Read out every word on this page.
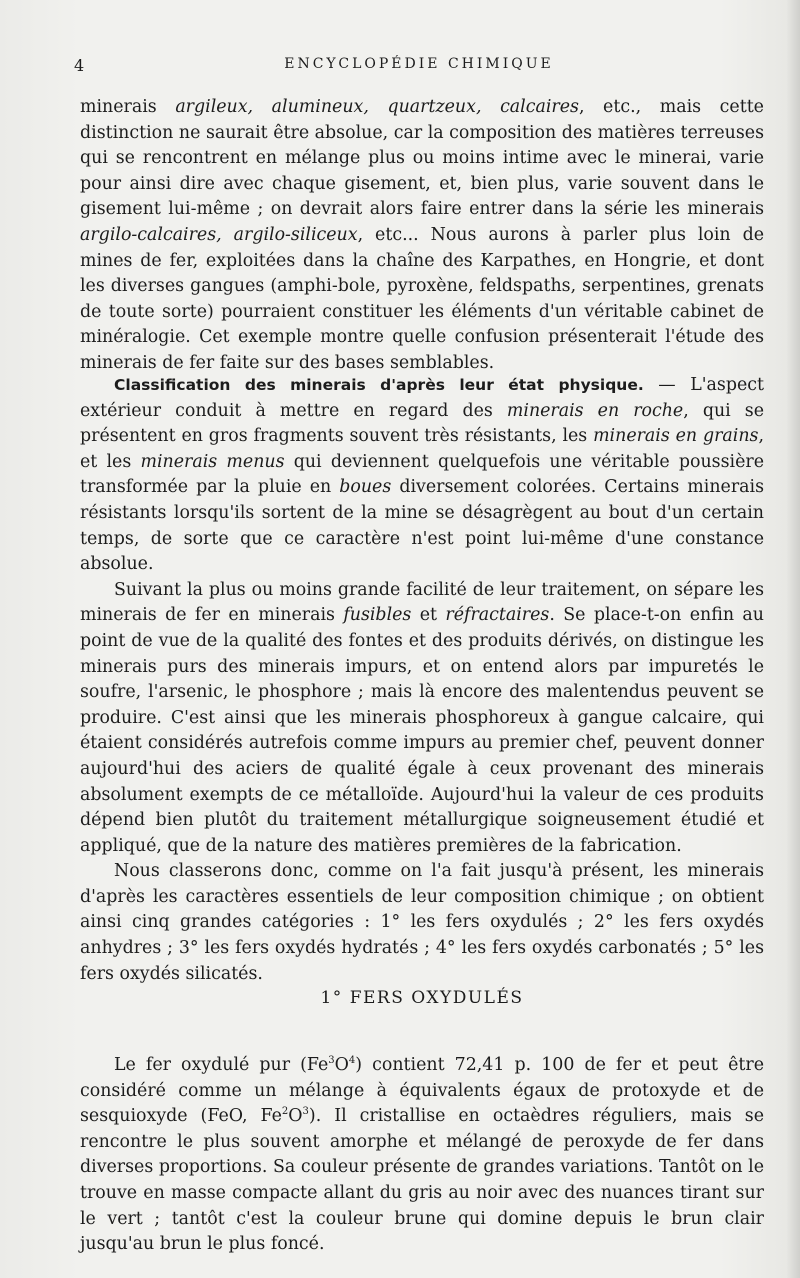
4	ENCYCLOPÉDIE CHIMIQUE

minerais argileux, alumineux, quartzeux, calcaires, etc., mais cette distinction ne saurait être absolue, car la composition des matières terreuses qui se rencontrent en mélange plus ou moins intime avec le minerai, varie pour ainsi dire avec chaque gisement, et, bien plus, varie souvent dans le gisement lui-même ; on devrait alors faire entrer dans la série les minerais argilo-calcaires, argilo-siliceux, etc... Nous aurons à parler plus loin de mines de fer, exploitées dans la chaîne des Karpathes, en Hongrie, et dont les diverses gangues (amphi-bole, pyroxène, feldspaths, serpentines, grenats de toute sorte) pourraient constituer les éléments d'un véritable cabinet de minéralogie. Cet exemple montre quelle confusion présenterait l'étude des minerais de fer faite sur des bases semblables.

Classification des minerais d'après leur état physique. — L'aspect extérieur conduit à mettre en regard des minerais en roche, qui se présentent en gros fragments souvent très résistants, les minerais en grains, et les minerais menus qui deviennent quelquefois une véritable poussière transformée par la pluie en boues diversement colorées. Certains minerais résistants lorsqu'ils sortent de la mine se désagrègent au bout d'un certain temps, de sorte que ce caractère n'est point lui-même d'une constance absolue.

Suivant la plus ou moins grande facilité de leur traitement, on sépare les minerais de fer en minerais fusibles et réfractaires. Se place-t-on enfin au point de vue de la qualité des fontes et des produits dérivés, on distingue les minerais purs des minerais impurs, et on entend alors par impuretés le soufre, l'arsenic, le phosphore ; mais là encore des malentendus peuvent se produire. C'est ainsi que les minerais phosphoreux à gangue calcaire, qui étaient considérés autrefois comme impurs au premier chef, peuvent donner aujourd'hui des aciers de qualité égale à ceux provenant des minerais absolument exempts de ce métalloïde. Aujourd'hui la valeur de ces produits dépend bien plutôt du traitement métallurgique soigneusement étudié et appliqué, que de la nature des matières premières de la fabrication.

Nous classerons donc, comme on l'a fait jusqu'à présent, les minerais d'après les caractères essentiels de leur composition chimique ; on obtient ainsi cinq grandes catégories : 1° les fers oxydulés ; 2° les fers oxydés anhydres ; 3° les fers oxydés hydratés ; 4° les fers oxydés carbonatés ; 5° les fers oxydés silicatés.

1° FERS OXYDULÉS

Le fer oxydulé pur $(Fe^3O^4)$ contient 72,41 p. 100 de fer et peut être considéré comme un mélange à équivalents égaux de protoxyde et de sesquioxyde (FeO, $Fe^2O^3$). Il cristallise en octaèdres réguliers, mais se rencontre le plus souvent amorphe et mélangé de peroxyde de fer dans diverses proportions. Sa couleur présente de grandes variations. Tantôt on le trouve en masse compacte allant du gris au noir avec des nuances tirant sur le vert ; tantôt c'est la couleur brune qui domine depuis le brun clair jusqu'au brun le plus foncé.
